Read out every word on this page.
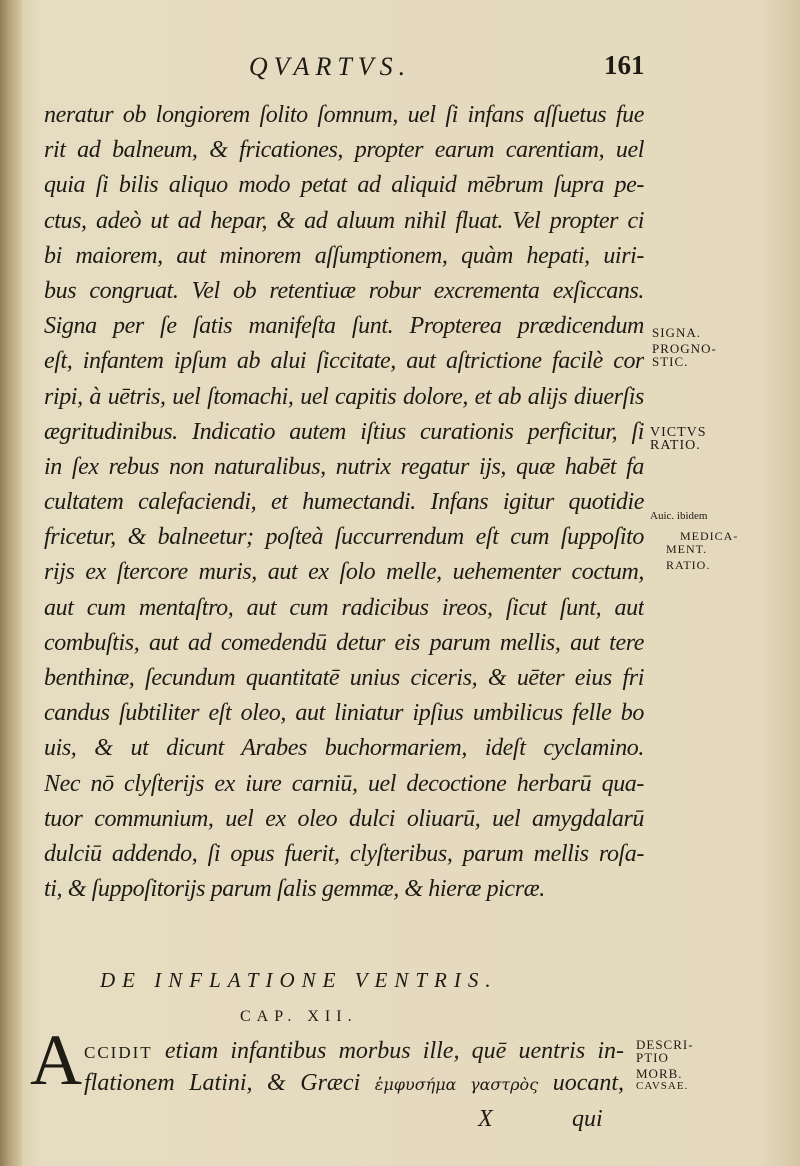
QVARTVS.	161
neratur ob longiorem ſolito ſomnum, uel ſi infans aſſuetus fue
rit ad balneum, & fricationes, propter earum carentiam, uel
quia ſi bilis aliquo modo petat ad aliquid mēbrum ſupra pe-
ctus, adeò ut ad hepar, & ad aluum nihil fluat. Vel propter ci
bi maiorem, aut minorem aſſumptionem, quàm hepati, uiri-
bus congruat. Vel ob retentiuæ robur excrementa exſiccans.
Signa per ſe ſatis manifeſta ſunt. Propterea prædicendum
eſt, infantem ipſum ab alui ſiccitate, aut aſtrictione facilè cor
ripi, à uētris, uel ſtomachi, uel capitis dolore, et ab alijs diuerſis
ægritudinibus. Indicatio autem iſtius curationis perficitur, ſi
in ſex rebus non naturalibus, nutrix regatur ijs, quæ habēt fa
cultatem calefaciendi, et humectandi. Infans igitur quotidie
fricetur, & balneetur; poſteà ſuccurrendum eſt cum ſuppoſito
rijs ex ſtercore muris, aut ex ſolo melle, uehementer coctum,
aut cum mentaſtro, aut cum radicibus ireos, ſicut ſunt, aut
combuſtis, aut ad comedendū detur eis parum mellis, aut tere
benthinæ, ſecundum quantitatē unius ciceris, & uēter eius fri
candus ſubtiliter eſt oleo, aut liniatur ipſius umbilicus felle bo
uis, & ut dicunt Arabes buchormariem, ideſt cyclamino.
Nec nō clyſterijs ex iure carniū, uel decoctione herbarū qua-
tuor communium, uel ex oleo dulci oliuarū, uel amygdalarū
dulciū addendo, ſi opus fuerit, clyſteribus, parum mellis roſa-
ti, & ſuppoſitorijs parum ſalis gemmæ, & hieræ picræ.
SIGNA.
PROGNO-
STIC.
VICTVS
RATIO.
Auic. ibidem
MEDICA-
MENT.
RATIO.
DE INFLATIONE VENTRIS.
CAP. XII.
A CCIDIT etiam infantibus morbus ille, quē uentris in-
flationem Latini, & Græci ἐμφυσήμα γαστρὸς uocant,
DESCRI-
PTIO
MORB.
CAVSAE.
X	qui
